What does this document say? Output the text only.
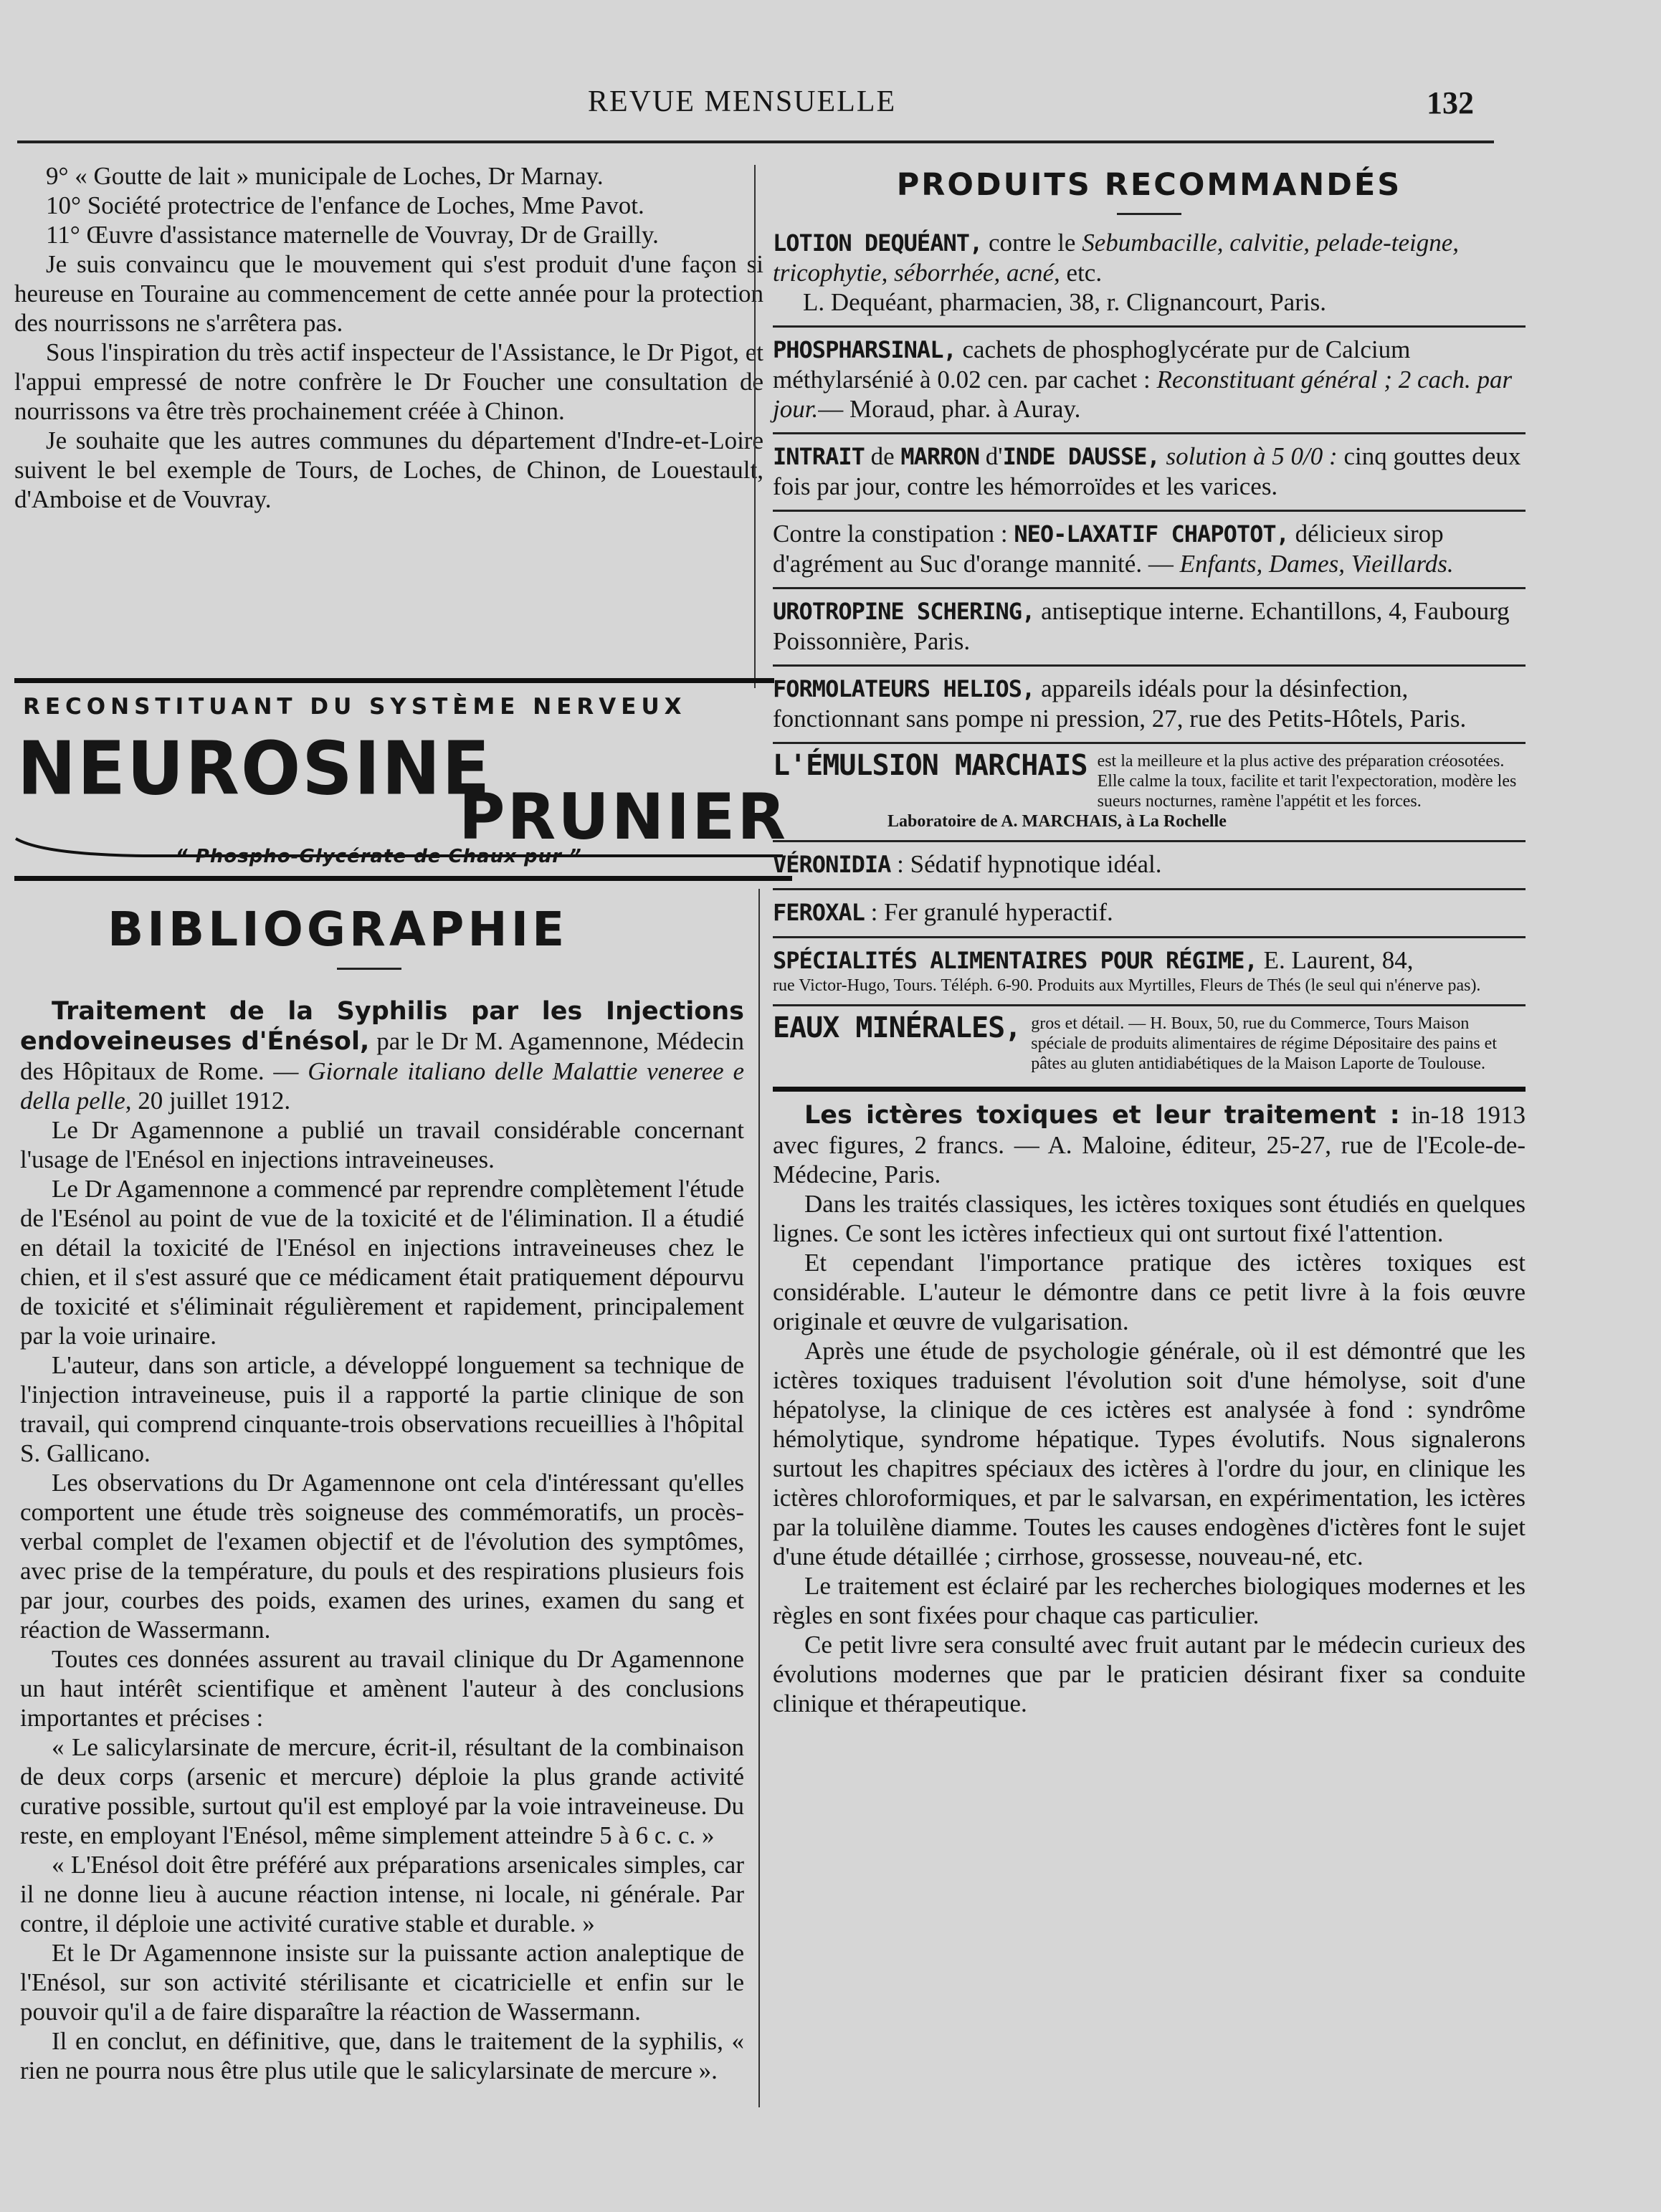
REVUE MENSUELLE	132

9° « Goutte de lait » municipale de Loches, Dr Marnay.

10° Société protectrice de l'enfance de Loches, Mme Pavot.

11° Œuvre d'assistance maternelle de Vouvray, Dr de Grailly.

Je suis convaincu que le mouvement qui s'est produit d'une façon si heureuse en Touraine au commencement de cette année pour la protection des nourrissons ne s'arrêtera pas.

Sous l'inspiration du très actif inspecteur de l'Assistance, le Dr Pigot, et l'appui empressé de notre confrère le Dr Foucher une consultation de nourrissons va être très prochainement créée à Chinon.

Je souhaite que les autres communes du département d'Indre-et-Loire suivent le bel exemple de Tours, de Loches, de Chinon, de Louestault, d'Amboise et de Vouvray.

RECONSTITUANT DU SYSTÈME NERVEUX
NEUROSINE
PRUNIER
“ Phospho-Glycérate de Chaux pur ”
BIBLIOGRAPHIE

Traitement de la Syphilis par les Injections endoveineuses d'Énésol, par le Dr M. Agamennone, Médecin des Hôpitaux de Rome. — Giornale italiano delle Malattie veneree e della pelle, 20 juillet 1912.

Le Dr Agamennone a publié un travail considérable concernant l'usage de l'Enésol en injections intraveineuses.

Le Dr Agamennone a commencé par reprendre complètement l'étude de l'Esénol au point de vue de la toxicité et de l'élimination. Il a étudié en détail la toxicité de l'Enésol en injections intraveineuses chez le chien, et il s'est assuré que ce médicament était pratiquement dépourvu de toxicité et s'éliminait régulièrement et rapidement, principalement par la voie urinaire.

L'auteur, dans son article, a développé longuement sa technique de l'injection intraveineuse, puis il a rapporté la partie clinique de son travail, qui comprend cinquante-trois observations recueillies à l'hôpital S. Gallicano.

Les observations du Dr Agamennone ont cela d'intéressant qu'elles comportent une étude très soigneuse des commémoratifs, un procès-verbal complet de l'examen objectif et de l'évolution des symptômes, avec prise de la température, du pouls et des respirations plusieurs fois par jour, courbes des poids, examen des urines, examen du sang et réaction de Wassermann.

Toutes ces données assurent au travail clinique du Dr Agamennone un haut intérêt scientifique et amènent l'auteur à des conclusions importantes et précises :

« Le salicylarsinate de mercure, écrit-il, résultant de la combinaison de deux corps (arsenic et mercure) déploie la plus grande activité curative possible, surtout qu'il est employé par la voie intraveineuse. Du reste, en employant l'Enésol, même simplement atteindre 5 à 6 c. c. »

« L'Enésol doit être préféré aux préparations arsenicales simples, car il ne donne lieu à aucune réaction intense, ni locale, ni générale. Par contre, il déploie une activité curative stable et durable. »

Et le Dr Agamennone insiste sur la puissante action analeptique de l'Enésol, sur son activité stérilisante et cicatricielle et enfin sur le pouvoir qu'il a de faire disparaître la réaction de Wassermann.

Il en conclut, en définitive, que, dans le traitement de la syphilis, « rien ne pourra nous être plus utile que le salicylarsinate de mercure ».

PRODUITS RECOMMANDÉS
LOTION DEQUÉANT, contre le Sebumbacille, calvitie, pelade-teigne, tricophytie, séborrhée, acné, etc.
L. Dequéant, pharmacien, 38, r. Clignancourt, Paris.
PHOSPHARSINAL, cachets de phosphoglycérate pur de Calcium méthylarsénié à 0.02 cen. par cachet : Reconstituant général ; 2 cach. par jour.— Moraud, phar. à Auray.
INTRAIT de MARRON d'INDE DAUSSE, solution à 5 0/0 : cinq gouttes deux fois par jour, contre les hémorroïdes et les varices.
Contre la constipation : NEO-LAXATIF CHAPOTOT, délicieux sirop d'agrément au Suc d'orange mannité. — Enfants, Dames, Vieillards.
UROTROPINE SCHERING, antiseptique interne. Echantillons, 4, Faubourg Poissonnière, Paris.
FORMOLATEURS HELIOS, appareils idéals pour la désinfection, fonctionnant sans pompe ni pression, 27, rue des Petits-Hôtels, Paris.
L'ÉMULSION MARCHAIS est la meilleure et la plus active des préparation créosotées. Elle calme la toux, facilite et tarit l'expectoration, modère les sueurs nocturnes, ramène l'appétit et les forces.
Laboratoire de A. MARCHAIS, à La Rochelle
VÉRONIDIA : Sédatif hypnotique idéal.
FEROXAL : Fer granulé hyperactif.
SPÉCIALITÉS ALIMENTAIRES POUR RÉGIME, E. Laurent, 84,
rue Victor-Hugo, Tours. Téléph. 6-90. Produits aux Myrtilles, Fleurs de Thés (le seul qui n'énerve pas).
EAUX MINÉRALES, gros et détail. — H. Boux, 50, rue du Commerce, Tours Maison spéciale de produits alimentaires de régime Dépositaire des pains et pâtes au gluten antidiabétiques de la Maison Laporte de Toulouse.

Les ictères toxiques et leur traitement : in-18 1913 avec figures, 2 francs. — A. Maloine, éditeur, 25-27, rue de l'Ecole-de-Médecine, Paris.

Dans les traités classiques, les ictères toxiques sont étudiés en quelques lignes. Ce sont les ictères infectieux qui ont surtout fixé l'attention.

Et cependant l'importance pratique des ictères toxiques est considérable. L'auteur le démontre dans ce petit livre à la fois œuvre originale et œuvre de vulgarisation.

Après une étude de psychologie générale, où il est démontré que les ictères toxiques traduisent l'évolution soit d'une hémolyse, soit d'une hépatolyse, la clinique de ces ictères est analysée à fond : syndrôme hémolytique, syndrome hépatique. Types évolutifs. Nous signalerons surtout les chapitres spéciaux des ictères à l'ordre du jour, en clinique les ictères chloroformiques, et par le salvarsan, en expérimentation, les ictères par la toluilène diamme. Toutes les causes endogènes d'ictères font le sujet d'une étude détaillée ; cirrhose, grossesse, nouveau-né, etc.

Le traitement est éclairé par les recherches biologiques modernes et les règles en sont fixées pour chaque cas particulier.

Ce petit livre sera consulté avec fruit autant par le médecin curieux des évolutions modernes que par le praticien désirant fixer sa conduite clinique et thérapeutique.
